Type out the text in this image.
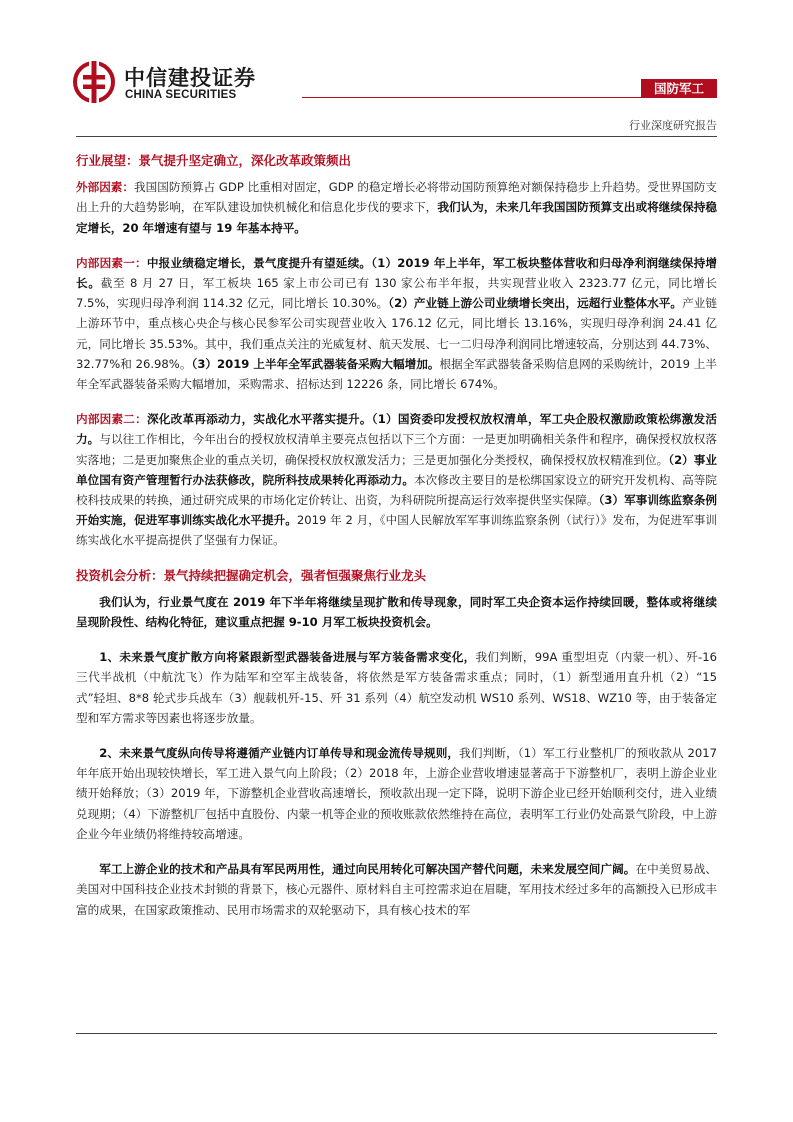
中信建投证券
CHINA SECURITIES	国防军工
行业深度研究报告
行业展望：景气提升坚定确立，深化改革政策频出

外部因素：我国国防预算占 GDP 比重相对固定，GDP 的稳定增长必将带动国防预算绝对额保持稳步上升趋势。受世界国防支出上升的大趋势影响，在军队建设加快机械化和信息化步伐的要求下，我们认为，未来几年我国国防预算支出或将继续保持稳定增长，20 年增速有望与 19 年基本持平。

内部因素一：中报业绩稳定增长，景气度提升有望延续。（1）2019 年上半年，军工板块整体营收和归母净利润继续保持增长。截至 8 月 27 日，军工板块 165 家上市公司已有 130 家公布半年报，共实现营业收入 2323.77 亿元，同比增长 7.5%，实现归母净利润 114.32 亿元，同比增长 10.30%。（2）产业链上游公司业绩增长突出，远超行业整体水平。产业链上游环节中，重点核心央企与核心民参军公司实现营业收入 176.12 亿元，同比增长 13.16%，实现归母净利润 24.41 亿元，同比增长 35.53%。其中，我们重点关注的光威复材、航天发展、七一二归母净利润同比增速较高，分别达到 44.73%、32.77%和 26.98%。（3）2019 上半年全军武器装备采购大幅增加。根据全军武器装备采购信息网的采购统计，2019 上半年全军武器装备采购大幅增加，采购需求、招标达到 12226 条，同比增长 674%。

内部因素二：深化改革再添动力，实战化水平落实提升。（1）国资委印发授权放权清单，军工央企股权激励政策松绑激发活力。与以往工作相比，今年出台的授权放权清单主要亮点包括以下三个方面：一是更加明确相关条件和程序，确保授权放权落实落地；二是更加聚焦企业的重点关切，确保授权放权激发活力；三是更加强化分类授权，确保授权放权精准到位。（2）事业单位国有资产管理暂行办法获修改，院所科技成果转化再添动力。本次修改主要目的是松绑国家设立的研究开发机构、高等院校科技成果的转换，通过研究成果的市场化定价转让、出资，为科研院所提高运行效率提供坚实保障。（3）军事训练监察条例开始实施，促进军事训练实战化水平提升。2019 年 2 月，《中国人民解放军军事训练监察条例（试行）》发布，为促进军事训练实战化水平提高提供了坚强有力保证。

投资机会分析：景气持续把握确定机会，强者恒强聚焦行业龙头

我们认为，行业景气度在 2019 年下半年将继续呈现扩散和传导现象，同时军工央企资本运作持续回暖，整体或将继续呈现阶段性、结构化特征，建议重点把握 9-10 月军工板块投资机会。

1、未来景气度扩散方向将紧跟新型武器装备进展与军方装备需求变化，我们判断，99A 重型坦克（内蒙一机）、歼-16 三代半战机（中航沈飞）作为陆军和空军主战装备，将依然是军方装备需求重点；同时，（1）新型通用直升机（2）“15 式”轻坦、8*8 轮式步兵战车（3）舰载机歼-15、歼 31 系列（4）航空发动机 WS10 系列、WS18、WZ10 等，由于装备定型和军方需求等因素也将逐步放量。

2、未来景气度纵向传导将遵循产业链内订单传导和现金流传导规则，我们判断，（1）军工行业整机厂的预收款从 2017 年年底开始出现较快增长，军工进入景气向上阶段；（2）2018 年，上游企业营收增速显著高于下游整机厂，表明上游企业业绩开始释放；（3）2019 年，下游整机企业营收高速增长，预收款出现一定下降，说明下游企业已经开始顺利交付，进入业绩兑现期；（4）下游整机厂包括中直股份、内蒙一机等企业的预收账款依然维持在高位，表明军工行业仍处高景气阶段，中上游企业今年业绩仍将维持较高增速。

军工上游企业的技术和产品具有军民两用性，通过向民用转化可解决国产替代问题，未来发展空间广阔。在中美贸易战、美国对中国科技企业技术封锁的背景下，核心元器件、原材料自主可控需求迫在眉睫，军用技术经过多年的高额投入已形成丰富的成果，在国家政策推动、民用市场需求的双轮驱动下，具有核心技术的军
